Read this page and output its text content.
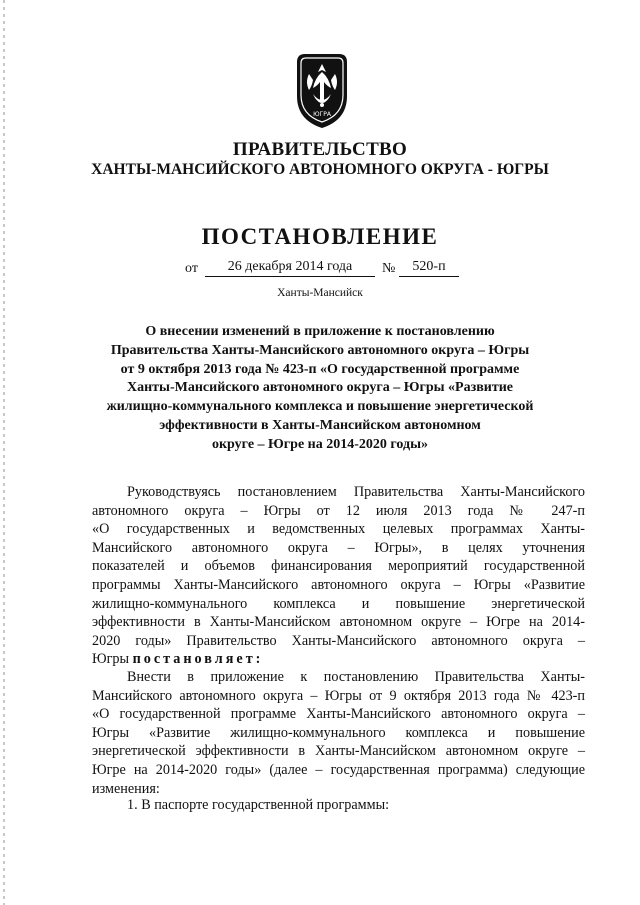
ЮГРА
ПРАВИТЕЛЬСТВО
ХАНТЫ-МАНСИЙСКОГО АВТОНОМНОГО ОКРУГА - ЮГРЫ
ПОСТАНОВЛЕНИЕ
от	26 декабря 2014 года	№	520-п
Ханты-Мансийск
О внесении изменений в приложение к постановлению
Правительства Ханты-Мансийского автономного округа – Югры
от 9 октября 2013 года № 423-п «О государственной программе
Ханты-Мансийского автономного округа – Югры «Развитие
жилищно-коммунального комплекса и повышение энергетической
эффективности в Ханты-Мансийском автономном
округе – Югре на 2014-2020 годы»
Руководствуясь постановлением Правительства Ханты-Мансийского
автономного округа – Югры от 12 июля 2013 года № 247-п
«О государственных и ведомственных целевых программах Ханты-
Мансийского автономного округа – Югры», в целях уточнения
показателей и объемов финансирования мероприятий государственной
программы Ханты-Мансийского автономного округа – Югры «Развитие
жилищно-коммунального комплекса и повышение энергетической
эффективности в Ханты-Мансийском автономном округе – Югре на 2014-
2020 годы» Правительство Ханты-Мансийского автономного округа –
Югры постановляет:
Внести в приложение к постановлению Правительства Ханты-
Мансийского автономного округа – Югры от 9 октября 2013 года № 423-п
«О государственной программе Ханты-Мансийского автономного округа –
Югры «Развитие жилищно-коммунального комплекса и повышение
энергетической эффективности в Ханты-Мансийском автономном округе –
Югре на 2014-2020 годы» (далее – государственная программа) следующие
изменения:
1. В паспорте государственной программы:
